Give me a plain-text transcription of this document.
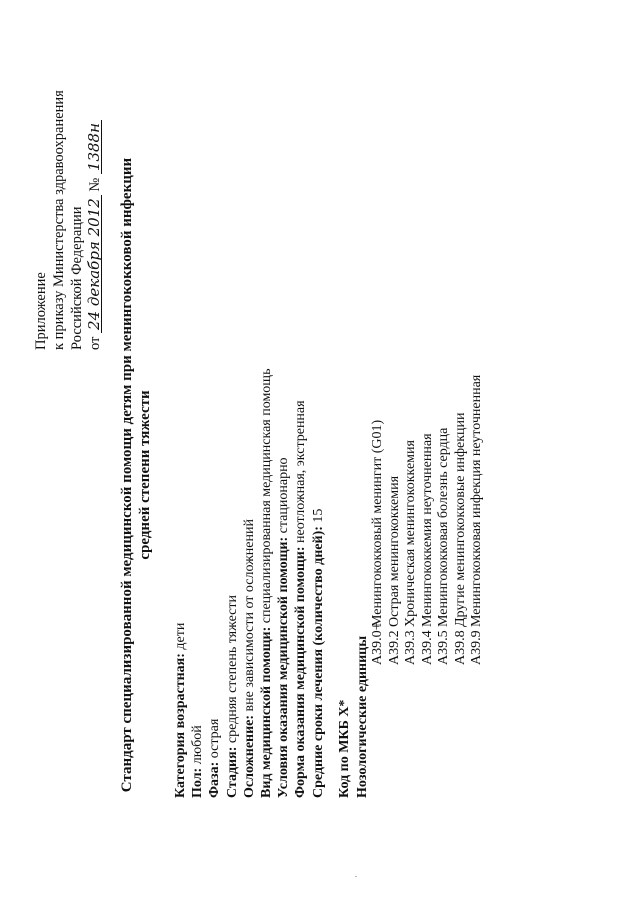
Приложение к приказу Министерства здравоохранения Российской Федерации от 24 декабря 2012 № 1388н
Стандарт специализированной медицинской помощи детям при менингококковой инфекции средней степени тяжести
Категория возрастная: дети
Пол: любой
Фаза: острая
Стадия: средняя степень тяжести
Осложнение: вне зависимости от осложнений Вид медицинской помощи: специализированная медицинская помощь
Условия оказания медицинской помощи: стационарно
Форма оказания медицинской помощи: неотложная, экстренная
Средние сроки лечения (количество дней): 15
Код по МКБ X* Нозологические единицы A39.0+
Менингококковый менингит (G01)
A39.2
Острая менингококкемия
A39.3
Хроническая менингококкемия
A39.4
Менингококкемия неуточненная
A39.5
Менингококковая болезнь сердца
A39.8
Другие менингококковые инфекции
A39.9
Менингококковая инфекция неуточненная
·
